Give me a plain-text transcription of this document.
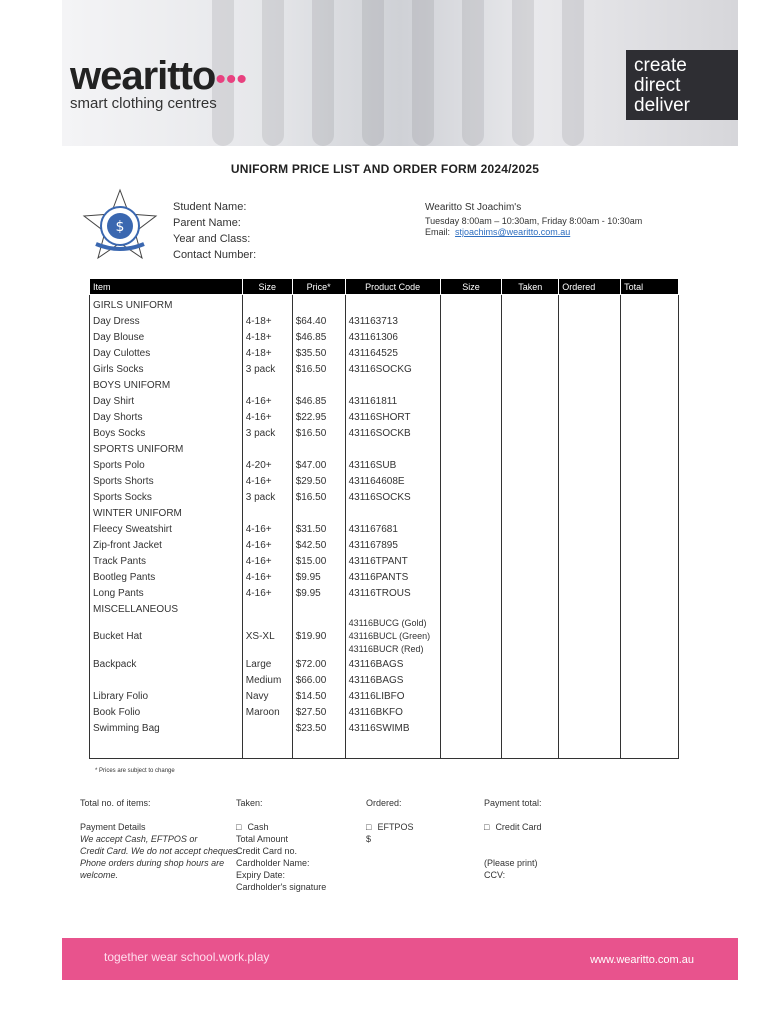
wearitto•••
smart clothing centres
create
direct
deliver
UNIFORM PRICE LIST AND ORDER FORM 2024/2025
$
Student Name:
Parent Name:
Year and Class:
Contact Number:
Wearitto St Joachim's
Tuesday 8:00am – 10:30am, Friday 8:00am - 10:30am
Email: stjoachims@wearitto.com.au
Item	Size	Price*	Product Code	Size	Taken	Ordered	Total
GIRLS UNIFORM							
Day Dress	4-18+	$64.40	431163713				
Day Blouse	4-18+	$46.85	431161306				
Day Culottes	4-18+	$35.50	431164525				
Girls Socks	3 pack	$16.50	43116SOCKG				
BOYS UNIFORM							
Day Shirt	4-16+	$46.85	431161811				
Day Shorts	4-16+	$22.95	43116SHORT				
Boys Socks	3 pack	$16.50	43116SOCKB				
SPORTS UNIFORM							
Sports Polo	4-20+	$47.00	43116SUB				
Sports Shorts	4-16+	$29.50	431164608E				
Sports Socks	3 pack	$16.50	43116SOCKS				
WINTER UNIFORM							
Fleecy Sweatshirt	4-16+	$31.50	431167681				
Zip-front Jacket	4-16+	$42.50	431167895				
Track Pants	4-16+	$15.00	43116TPANT				
Bootleg Pants	4-16+	$9.95	43116PANTS				
Long Pants	4-16+	$9.95	43116TROUS				
MISCELLANEOUS							
Bucket Hat	XS-XL	$19.90	43116BUCG (Gold)
43116BUCL (Green)
43116BUCR (Red)				

Backpack	Large	$72.00	43116BAGS				
	Medium	$66.00	43116BAGS				
Library Folio	Navy	$14.50	43116LIBFO				
Book Folio	Maroon	$27.50	43116BKFO				
Swimming Bag		$23.50	43116SWIMB				

* Prices are subject to change
Total no. of items:
Payment Details
We accept Cash, EFTPOS or
Credit Card. We do not accept cheques.
Phone orders during shop hours are
welcome.
Taken:
□ Cash
Total Amount
Credit Card no.
Cardholder Name:
Expiry Date:
Cardholder's signature
Ordered:
□ EFTPOS
$
Payment total:
□ Credit Card
(Please print)
CCV:
together wear school.work.play	www.wearitto.com.au
